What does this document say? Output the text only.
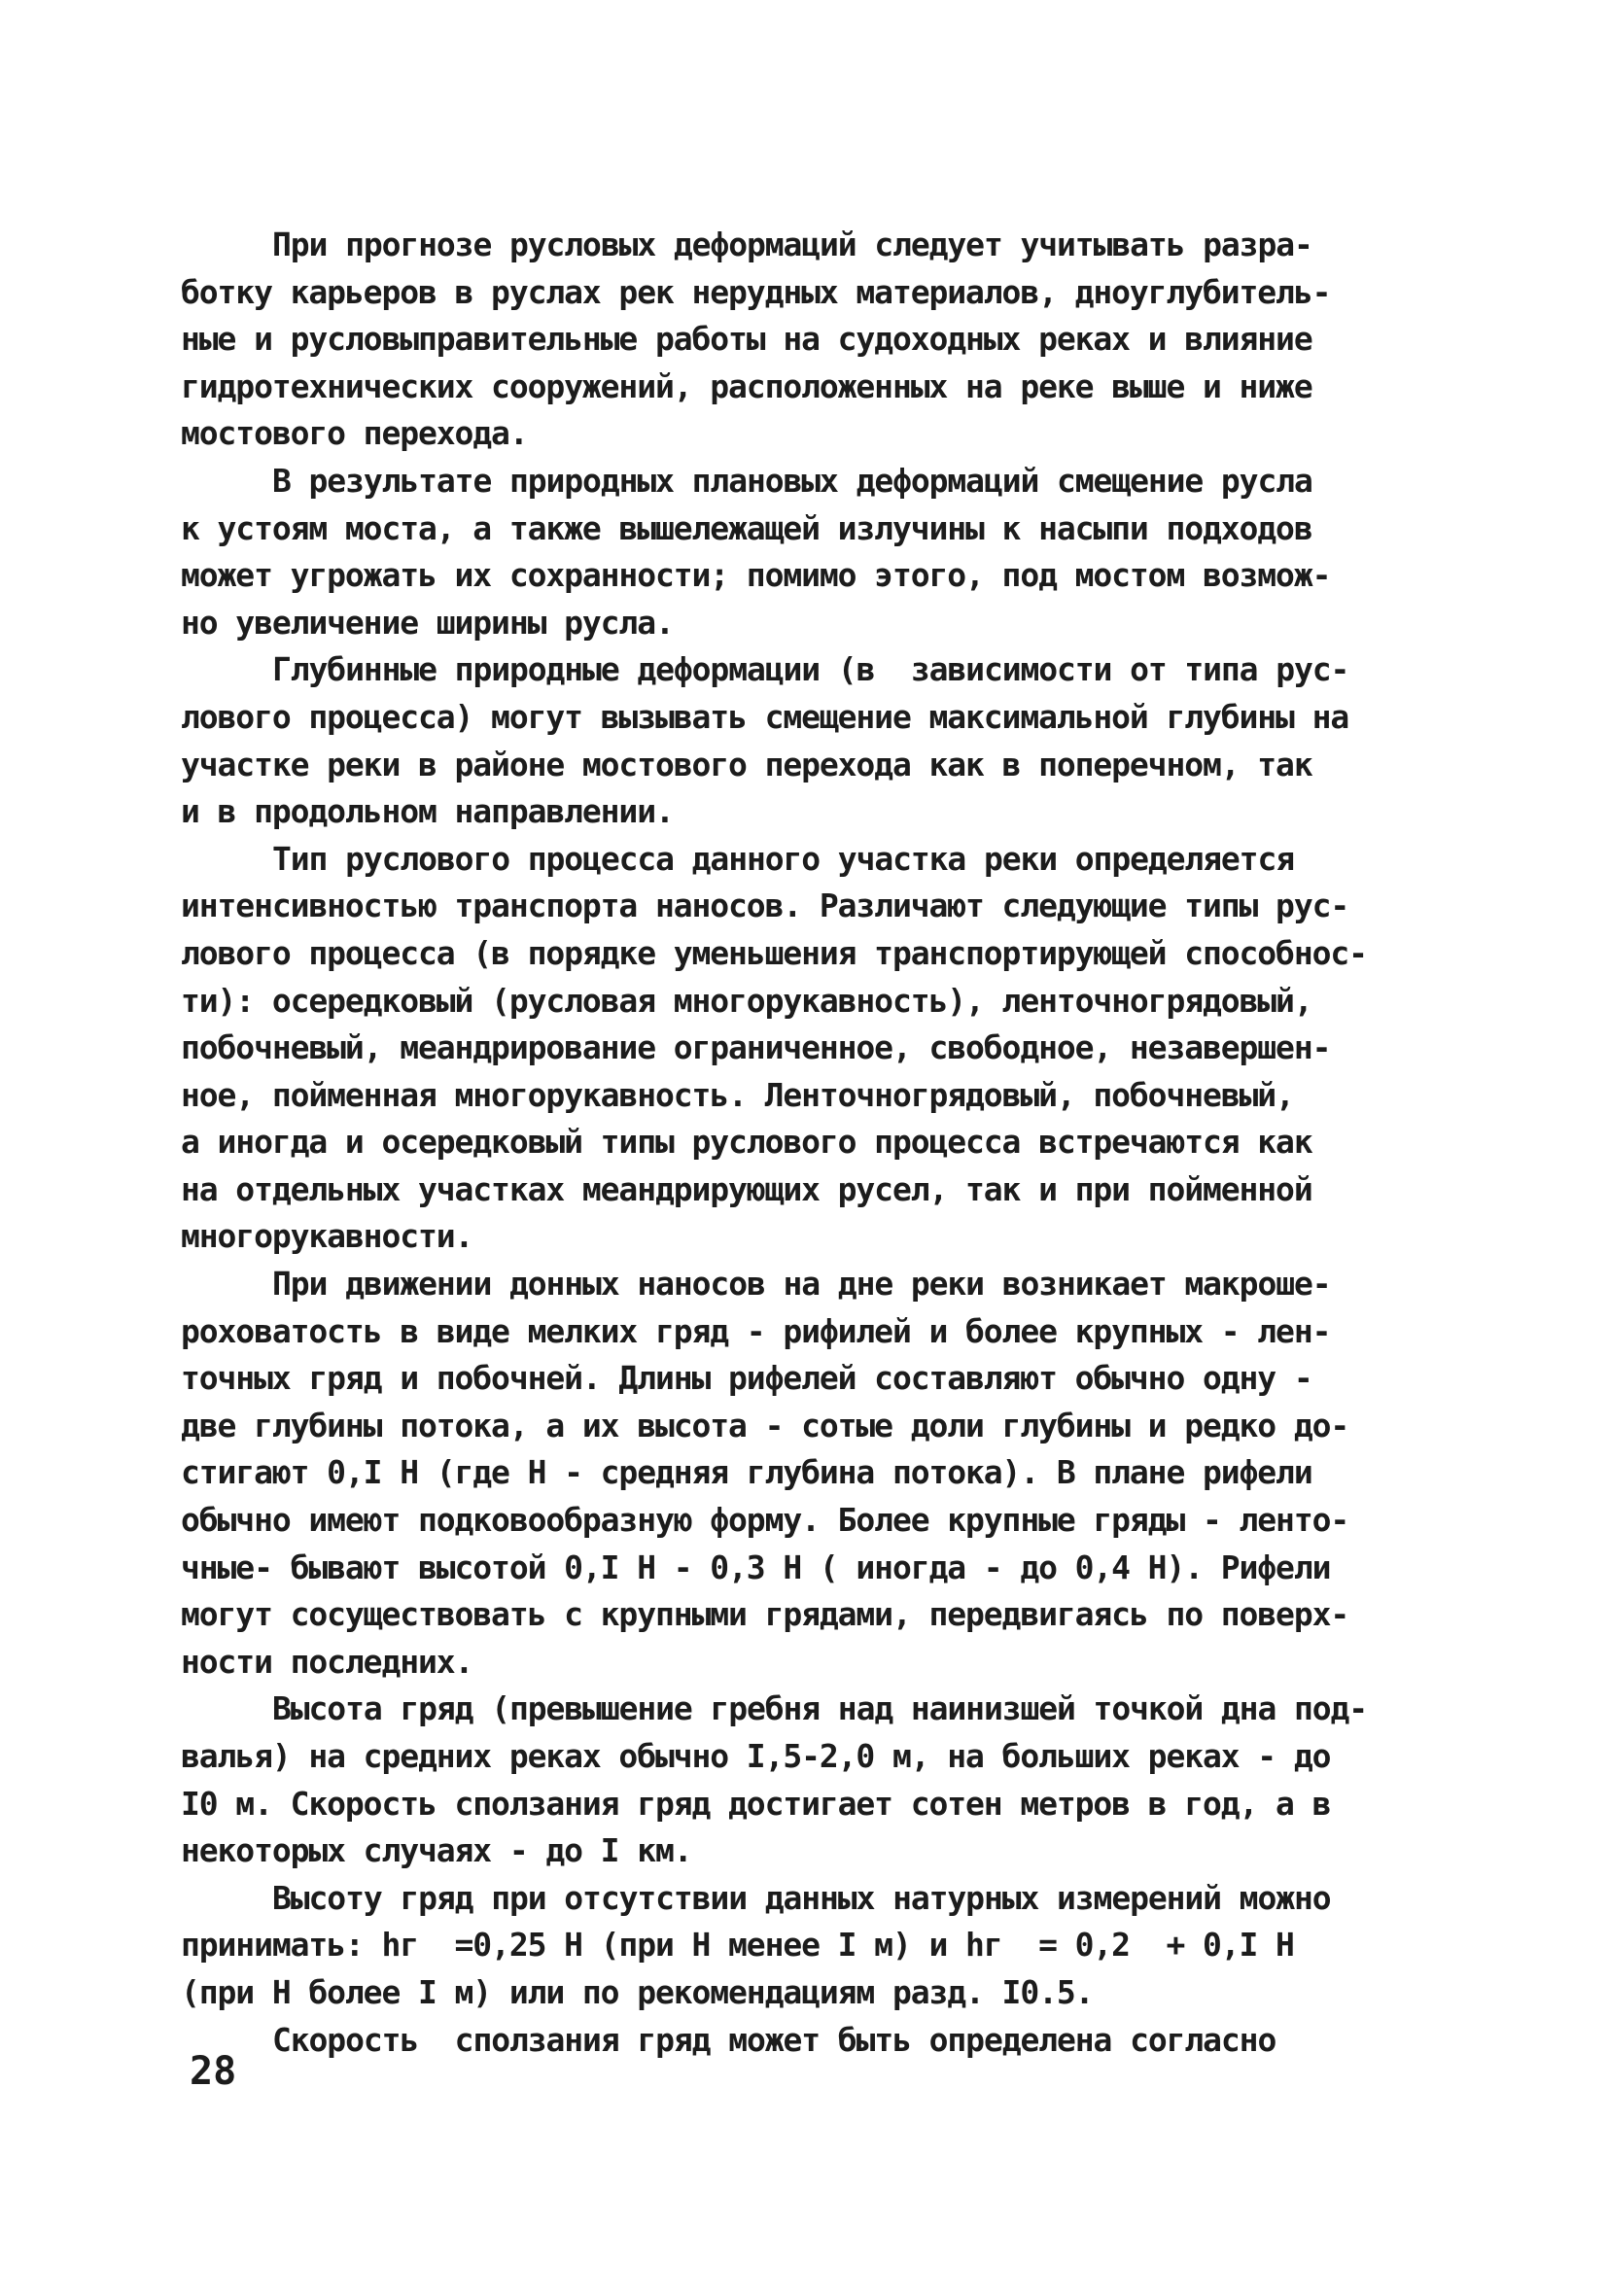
При прогнозе русловых деформаций следует учитывать разра-

ботку карьеров в руслах рек нерудных материалов, дноуглубитель-

ные и русловыправительные работы на судоходных реках и влияние

гидротехнических сооружений, расположенных на реке выше и ниже

мостового перехода.

В результате природных плановых деформаций смещение русла

к устоям моста, а также вышележащей излучины к насыпи подходов

может угрожать их сохранности; помимо этого, под мостом возмож-

но увеличение ширины русла.

Глубинные природные деформации (в  зависимости от типа рус-

лового процесса) могут вызывать смещение максимальной глубины на

участке реки в районе мостового перехода как в поперечном, так

и в продольном направлении.

Тип руслового процесса данного участка реки определяется

интенсивностью транспорта наносов. Различают следующие типы рус-

лового процесса (в порядке уменьшения транспортирующей способнос-

ти): осередковый (русловая многорукавность), ленточногрядовый,

побочневый, меандрирование ограниченное, свободное, незавершен-

ное, пойменная многорукавность. Ленточногрядовый, побочневый,

а иногда и осередковый типы руслового процесса встречаются как

на отдельных участках меандрирующих русел, так и при пойменной

многорукавности.

При движении донных наносов на дне реки возникает макроше-

роховатость в виде мелких гряд - рифилей и более крупных - лен-

точных гряд и побочней. Длины рифелей составляют обычно одну -

две глубины потока, а их высота - сотые доли глубины и редко до-

стигают 0,I H (где H - средняя глубина потока). В плане рифели

обычно имеют подковообразную форму. Более крупные гряды - ленто-

чные- бывают высотой 0,I H - 0,3 H ( иногда - до 0,4 H). Рифели

могут сосуществовать с крупными грядами, передвигаясь по поверх-

ности последних.

Высота гряд (превышение гребня над наинизшей точкой дна под-

валья) на средних реках обычно I,5-2,0 м, на больших реках - до

I0 м. Скорость сползания гряд достигает сотен метров в год, а в

некоторых случаях - до I км.

Высоту гряд при отсутствии данных натурных измерений можно

принимать: hг  =0,25 H (при H менее I м) и hг  = 0,2  + 0,I H

(при H более I м) или по рекомендациям разд. I0.5.

Скорость  сползания гряд может быть определена согласно

28
